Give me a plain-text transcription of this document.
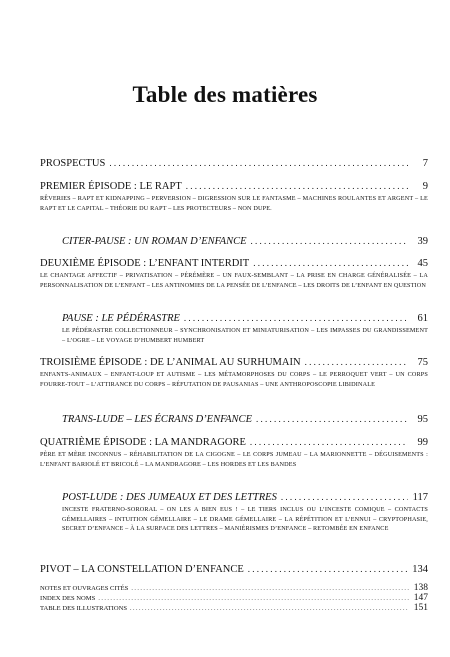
Table des matières
PROSPECTUS . . .	7
PREMIER ÉPISODE : LE RAPT . . .	9
RÊVERIES – RAPT ET KIDNAPPING – PERVERSION – DIGRESSION SUR LE FANTASME – MACHINES ROULANTES ET ARGENT – LE RAPT ET LE CAPITAL – THÉORIE DU RAPT – LES PROTECTEURS – NON DUPE.
CITER-PAUSE : UN ROMAN D’ENFANCE . . .	39
DEUXIÈME ÉPISODE : L’ENFANT INTERDIT . . .	45
LE CHANTAGE AFFECTIF – PRIVATISATION – PÉRÉMÈRE – UN FAUX-SEMBLANT – LA PRISE EN CHARGE GÉNÉRALISÉE – LA PERSONNALISATION DE L’ENFANT – LES ANTINOMIES DE LA PENSÉE DE L’ENFANCE – LES DROITS DE L’ENFANT EN QUESTION
PAUSE : LE PÉDÉRASTRE . . .	61
LE PÉDÉRASTRE COLLECTIONNEUR – SYNCHRONISATION ET MINIATURISATION – LES IMPASSES DU GRANDISSEMENT – L’OGRE – LE VOYAGE D’HUMBERT HUMBERT
TROISIÈME ÉPISODE : DE L’ANIMAL AU SURHUMAIN . . .	75
ENFANTS-ANIMAUX – ENFANT-LOUP ET AUTISME – LES MÉTAMORPHOSES DU CORPS – LE PERROQUET VERT – UN CORPS FOURRE-TOUT – L’ATTIRANCE DU CORPS – RÉFUTATION DE PAUSANIAS – UNE ANTHROPOSCOPIE LIBIDINALE
TRANS-LUDE – LES ÉCRANS D’ENFANCE . . .	95
QUATRIÈME ÉPISODE : LA MANDRAGORE . . .	99
PÈRE ET MÈRE INCONNUS – RÉHABILITATION DE LA CIGOGNE – LE CORPS JUMEAU – LA MARIONNETTE – DÉGUISEMENTS : L’ENFANT BARIOLÉ ET BRICOLÉ – LA MANDRAGORE – LES HORDES ET LES BANDES
POST-LUDE : DES JUMEAUX ET DES LETTRES . . .	117
INCESTE FRATERNO-SORORAL – ON LES A BIEN EUS ! – LE TIERS INCLUS OU L’INCESTE COMIQUE – CONTACTS GÉMELLAIRES – INTUITION GÉMELLAIRE – LE DRAME GÉMELLAIRE – LA RÉPÉTITION ET L’ENNUI – CRYPTOPHASIE, SECRET D’ENFANCE – À LA SURFACE DES LETTRES – MANIÉRISMES D’ENFANCE – RETOMBÉE EN ENFANCE
PIVOT – LA CONSTELLATION D’ENFANCE . . .	134
NOTES ET OUVRAGES CITÉS . . .	138
INDEX DES NOMS . . .	147
TABLE DES ILLUSTRATIONS . . .	151
